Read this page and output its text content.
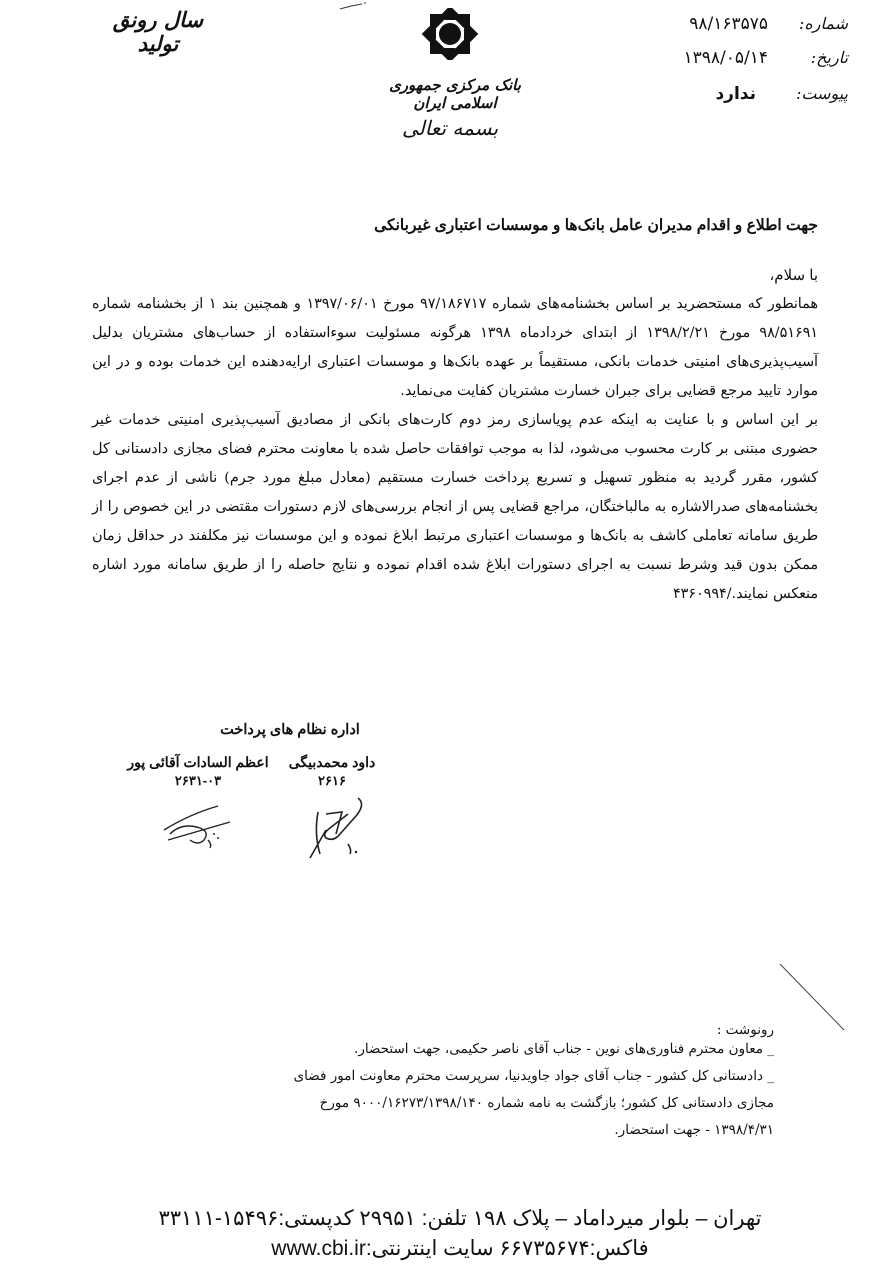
شماره:
۹۸/۱۶۳۵۷۵
تاریخ:
۱۳۹۸/۰۵/۱۴
پیوست:
ندارد
بانک مرکزی جمهوری اسلامی ایران
بسمه تعالی
سال رونق
تولید
جهت اطلاع و اقدام مدیران عامل بانک‌ها و موسسات اعتباری غیربانکی
با سلام،

همانطور که مستحضرید بر اساس بخشنامه‌های شماره ۹۷/۱۸۶۷۱۷ مورخ ۱۳۹۷/۰۶/۰۱ و همچنین بند ۱ از بخشنامه شماره ۹۸/۵۱۶۹۱ مورخ ۱۳۹۸/۲/۲۱ از ابتدای خردادماه ۱۳۹۸ هرگونه مسئولیت سوءاستفاده از حساب‌های مشتریان بدلیل آسیب‌پذیری‌های امنیتی خدمات بانکی، مستقیماً بر عهده بانک‌ها و موسسات اعتباری ارایه‌دهنده این خدمات بوده و در این موارد تایید مرجع قضایی برای جبران خسارت مشتریان کفایت می‌نماید.

بر این اساس و با عنایت به اینکه عدم پویاسازی رمز دوم کارت‌های بانکی از مصادیق آسیب‌پذیری امنیتی خدمات غیر حضوری مبتنی بر کارت محسوب می‌شود، لذا به موجب توافقات حاصل شده با معاونت محترم فضای مجازی دادستانی کل کشور، مقرر گردید به منظور تسهیل و تسریع پرداخت خسارت مستقیم (معادل مبلغ مورد جرم) ناشی از عدم اجرای بخشنامه‌های صدرالاشاره به مالباختگان، مراجع قضایی پس از انجام بررسی‌های لازم دستورات مقتضی در این خصوص را از طریق سامانه تعاملی کاشف به بانک‌ها و موسسات اعتباری مرتبط ابلاغ نموده و این موسسات نیز مکلفند در حداقل زمان ممکن بدون قید وشرط نسبت به اجرای دستورات ابلاغ شده اقدام نموده و نتایج حاصله را از طریق سامانه مورد اشاره منعکس نمایند./۴۳۶۰۹۹۴

اداره نظام های پرداخت
داود محمدبیگی
۲۶۱۶
اعظم السادات آقائی پور
۲۶۳۱-۰۳
رونوشت :
_ معاون محترم فناوری‌های نوین - جناب آقای ناصر حکیمی، جهت استحضار.
_ دادستانی کل کشور - جناب آقای جواد جاویدنیا، سرپرست محترم معاونت امور فضای مجازی دادستانی کل کشور؛ بازگشت به نامه شماره ۹۰۰۰/۱۶۲۷۳/۱۳۹۸/۱۴۰ مورخ ۱۳۹۸/۴/۳۱ - جهت استحضار.
تهران – بلوار میرداماد – پلاک ۱۹۸ تلفن: ۲۹۹۵۱ کدپستی:۱۵۴۹۶-۳۳۱۱۱
فاکس:۶۶۷۳۵۶۷۴ سایت اینترنتی:www.cbi.ir
